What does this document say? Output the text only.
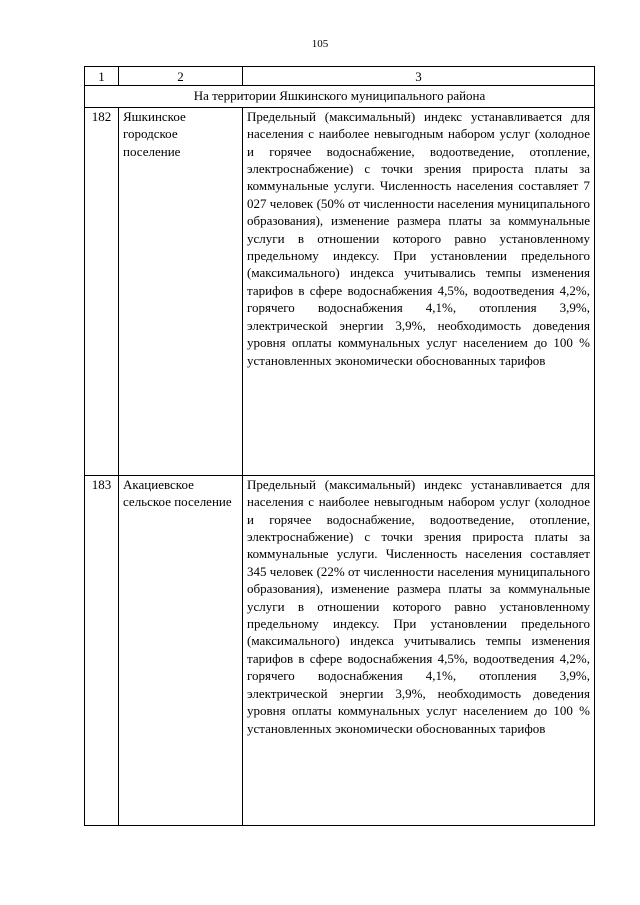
105
1	2	3
На территории Яшкинского муниципального района		
182	Яшкинское городское поселение	Предельный (максимальный) индекс устанавливается для населения с наиболее невыгодным набором услуг (холодное и горячее водоснабжение, водоотведение, отопление, электроснабжение) с точки зрения прироста платы за коммунальные услуги. Численность населения составляет 7 027 человек (50% от численности населения муниципального образования), изменение размера платы за коммунальные услуги в отношении которого равно установленному предельному индексу. При установлении предельного (максимального) индекса учитывались темпы изменения тарифов в сфере водоснабжения 4,5%, водоотведения 4,2%, горячего водоснабжения 4,1%, отопления 3,9%, электрической энергии 3,9%, необходимость доведения уровня оплаты коммунальных услуг населением до 100 % установленных экономически обоснованных тарифов
183	Акациевское сельское поселение	Предельный (максимальный) индекс устанавливается для населения с наиболее невыгодным набором услуг (холодное и горячее водоснабжение, водоотведение, отопление, электроснабжение) с точки зрения прироста платы за коммунальные услуги. Численность населения составляет 345 человек (22% от численности населения муниципального образования), изменение размера платы за коммунальные услуги в отношении которого равно установленному предельному индексу. При установлении предельного (максимального) индекса учитывались темпы изменения тарифов в сфере водоснабжения 4,5%, водоотведения 4,2%, горячего водоснабжения 4,1%, отопления 3,9%, электрической энергии 3,9%, необходимость доведения уровня оплаты коммунальных услуг населением до 100 % установленных экономически обоснованных тарифов
